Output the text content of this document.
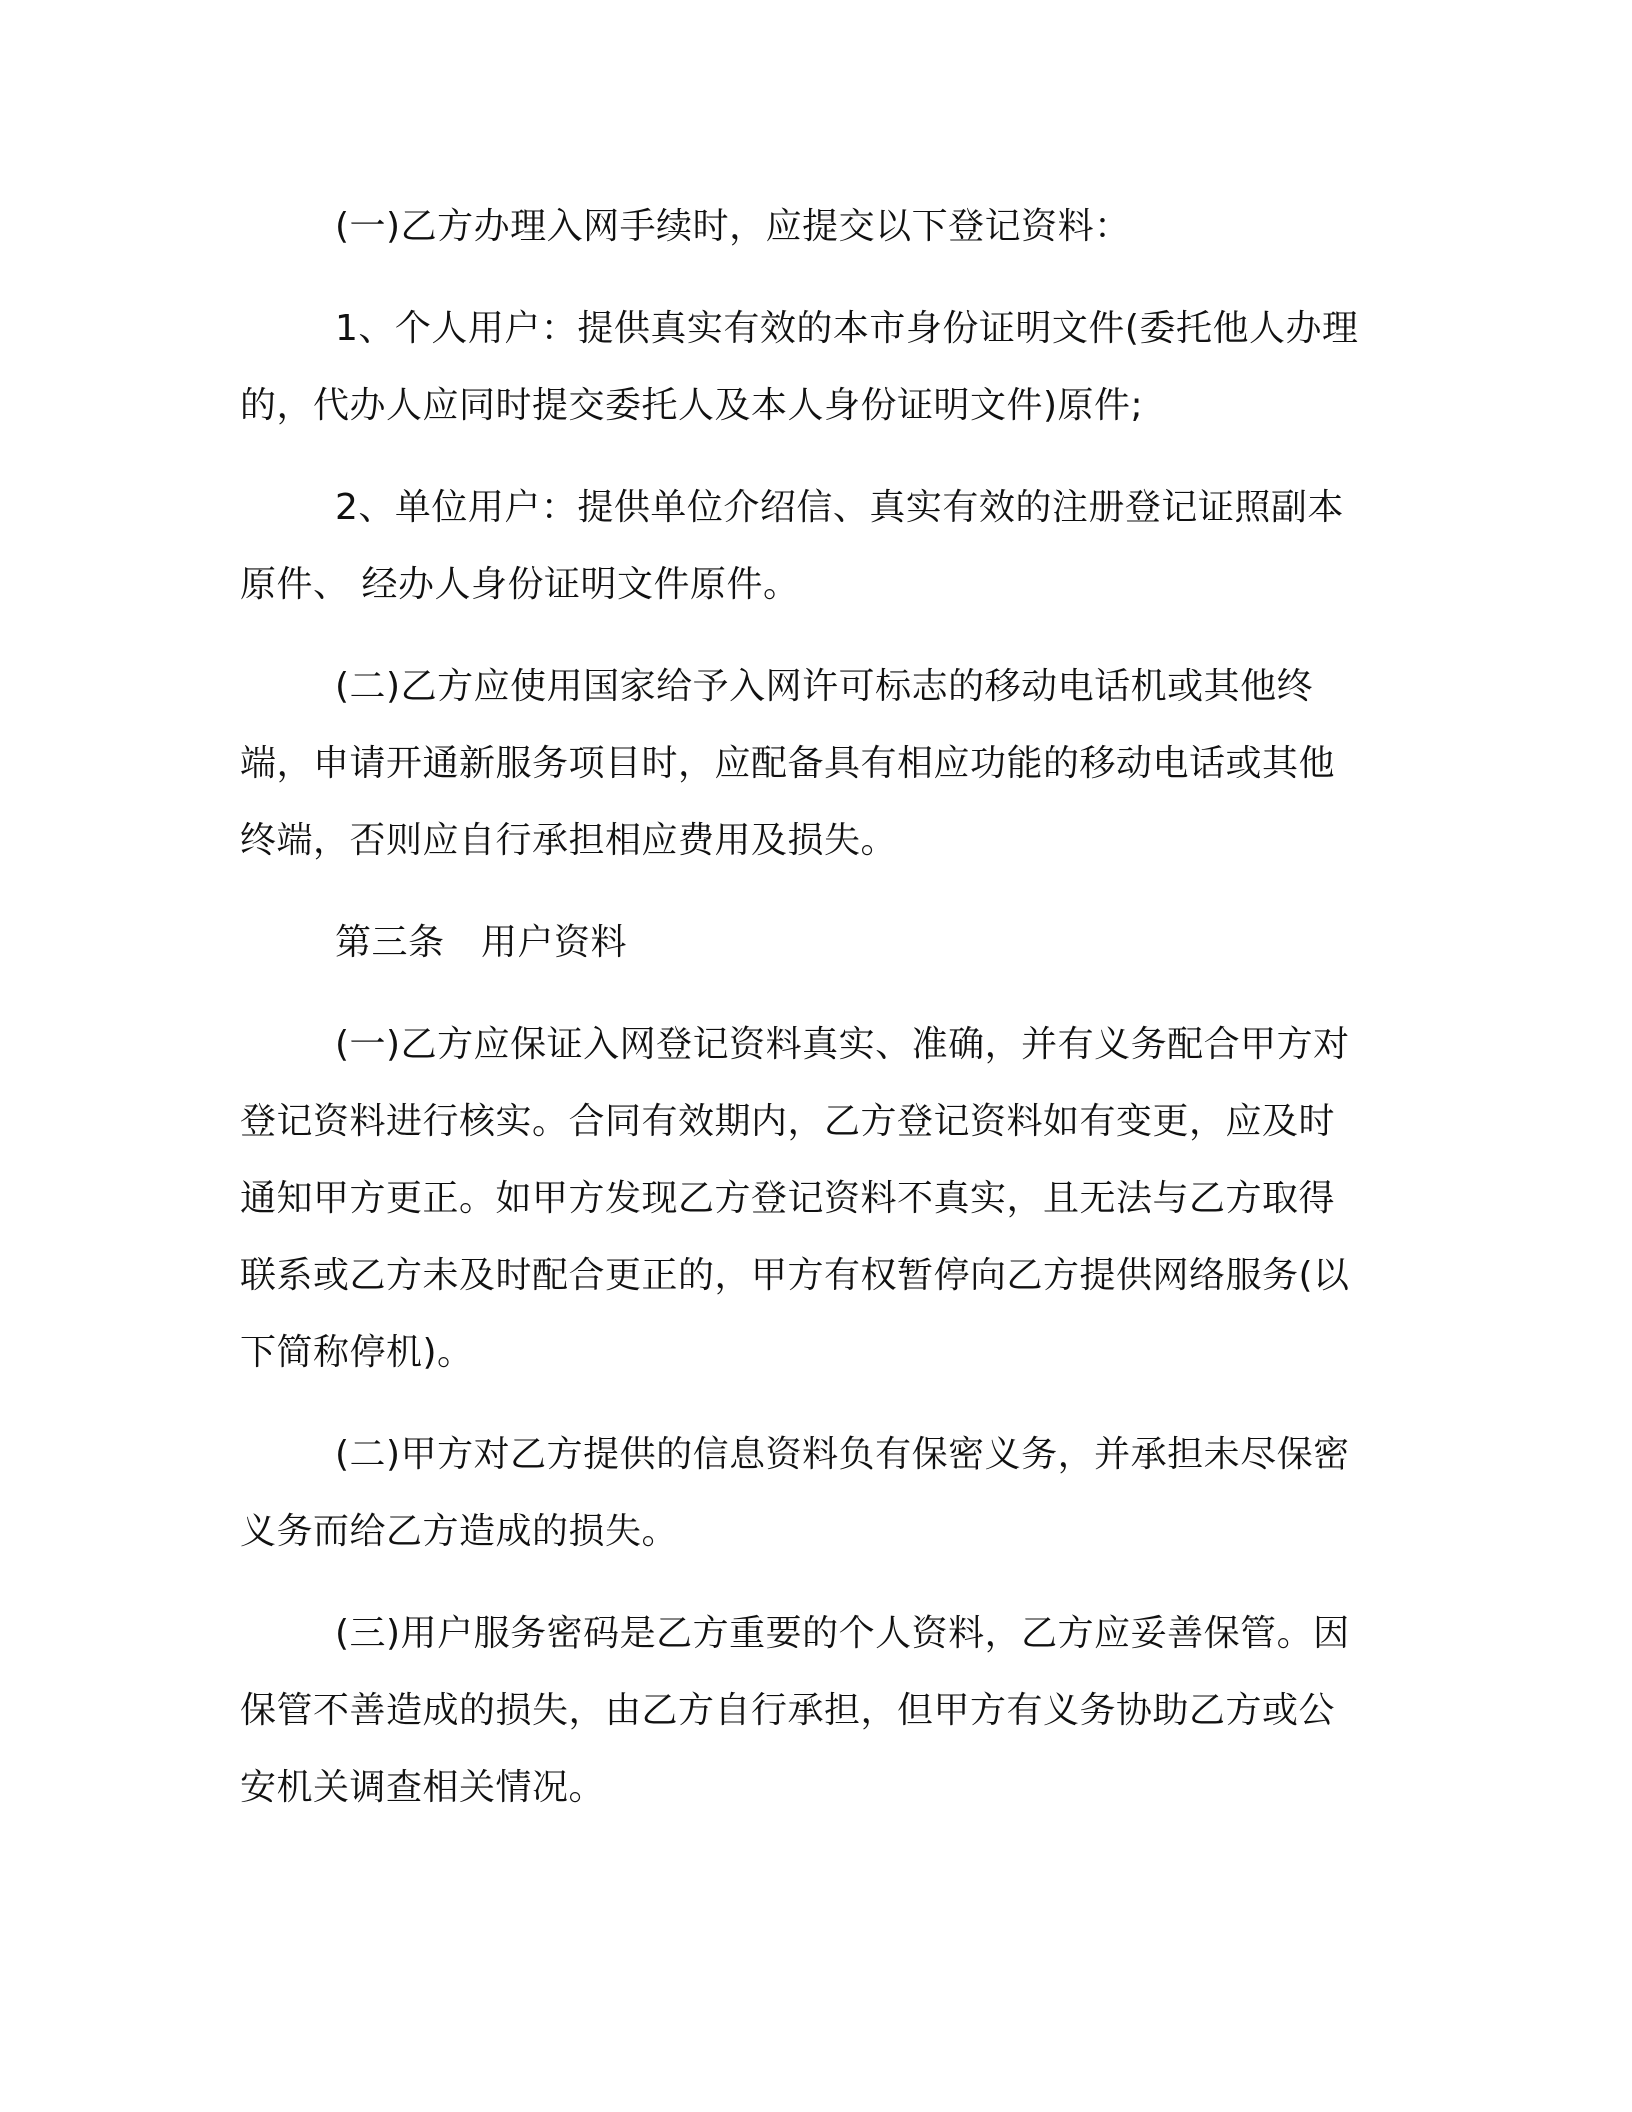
(一)乙方办理入网手续时，应提交以下登记资料：

1、个人用户：提供真实有效的本市身份证明文件(委托他人办理的，代办人应同时提交委托人及本人身份证明文件)原件;

2、单位用户：提供单位介绍信、真实有效的注册登记证照副本原件、 经办人身份证明文件原件。

(二)乙方应使用国家给予入网许可标志的移动电话机或其他终端，申请开通新服务项目时，应配备具有相应功能的移动电话或其他终端，否则应自行承担相应费用及损失。

第三条　用户资料

(一)乙方应保证入网登记资料真实、准确，并有义务配合甲方对登记资料进行核实。合同有效期内，乙方登记资料如有变更，应及时通知甲方更正。如甲方发现乙方登记资料不真实，且无法与乙方取得联系或乙方未及时配合更正的，甲方有权暂停向乙方提供网络服务(以下简称停机)。

(二)甲方对乙方提供的信息资料负有保密义务，并承担未尽保密义务而给乙方造成的损失。

(三)用户服务密码是乙方重要的个人资料，乙方应妥善保管。因保管不善造成的损失，由乙方自行承担，但甲方有义务协助乙方或公安机关调查相关情况。
